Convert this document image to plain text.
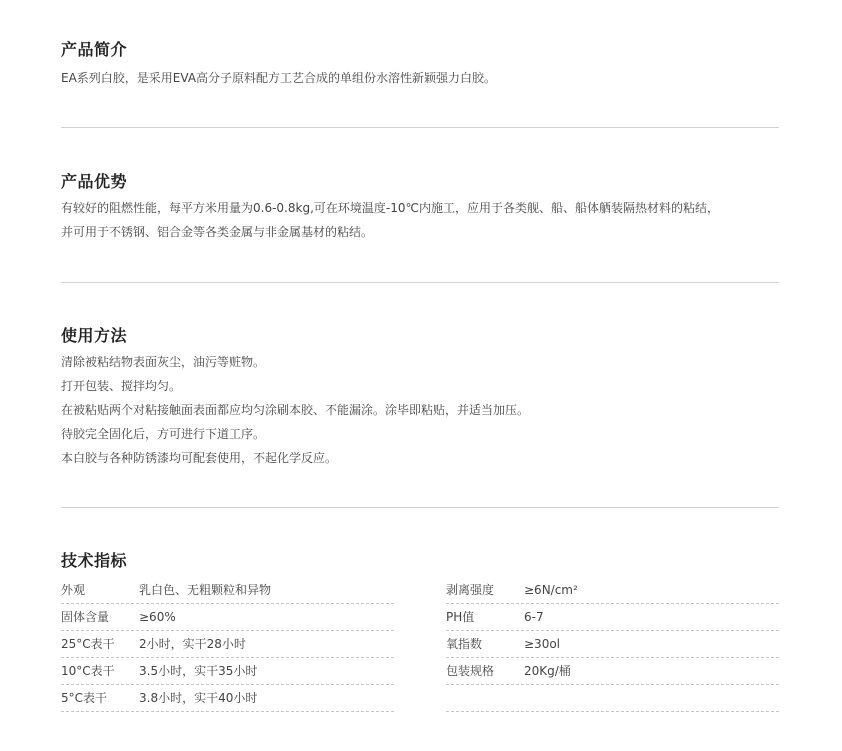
产品简介

EA系列白胶，是采用EVA高分子原料配方工艺合成的单组份水溶性新颖强力白胶。

产品优势

有较好的阻燃性能，每平方米用量为0.6-0.8kg,可在环境温度-10℃内施工，应用于各类舰、船、船体舾装隔热材料的粘结，

并可用于不锈钢、铝合金等各类金属与非金属基材的粘结。

使用方法

清除被粘结物表面灰尘，油污等赃物。

打开包装、搅拌均匀。

在被粘贴两个对粘接触面表面都应均匀涂刷本胶、不能漏涂。涂毕即粘贴，并适当加压。

待胶完全固化后，方可进行下道工序。

本白胶与各种防锈漆均可配套使用，不起化学反应。

技术指标
外观	乳白色、无粗颗粒和异物
固体含量	≥60%
25°C表干	2小时，实干28小时
10°C表干	3.5小时，实干35小时
5°C表干	3.8小时，实干40小时
剥离强度	≥6N/cm²
PH值	6-7
氧指数	≥30ol
包装规格	20Kg/桶
